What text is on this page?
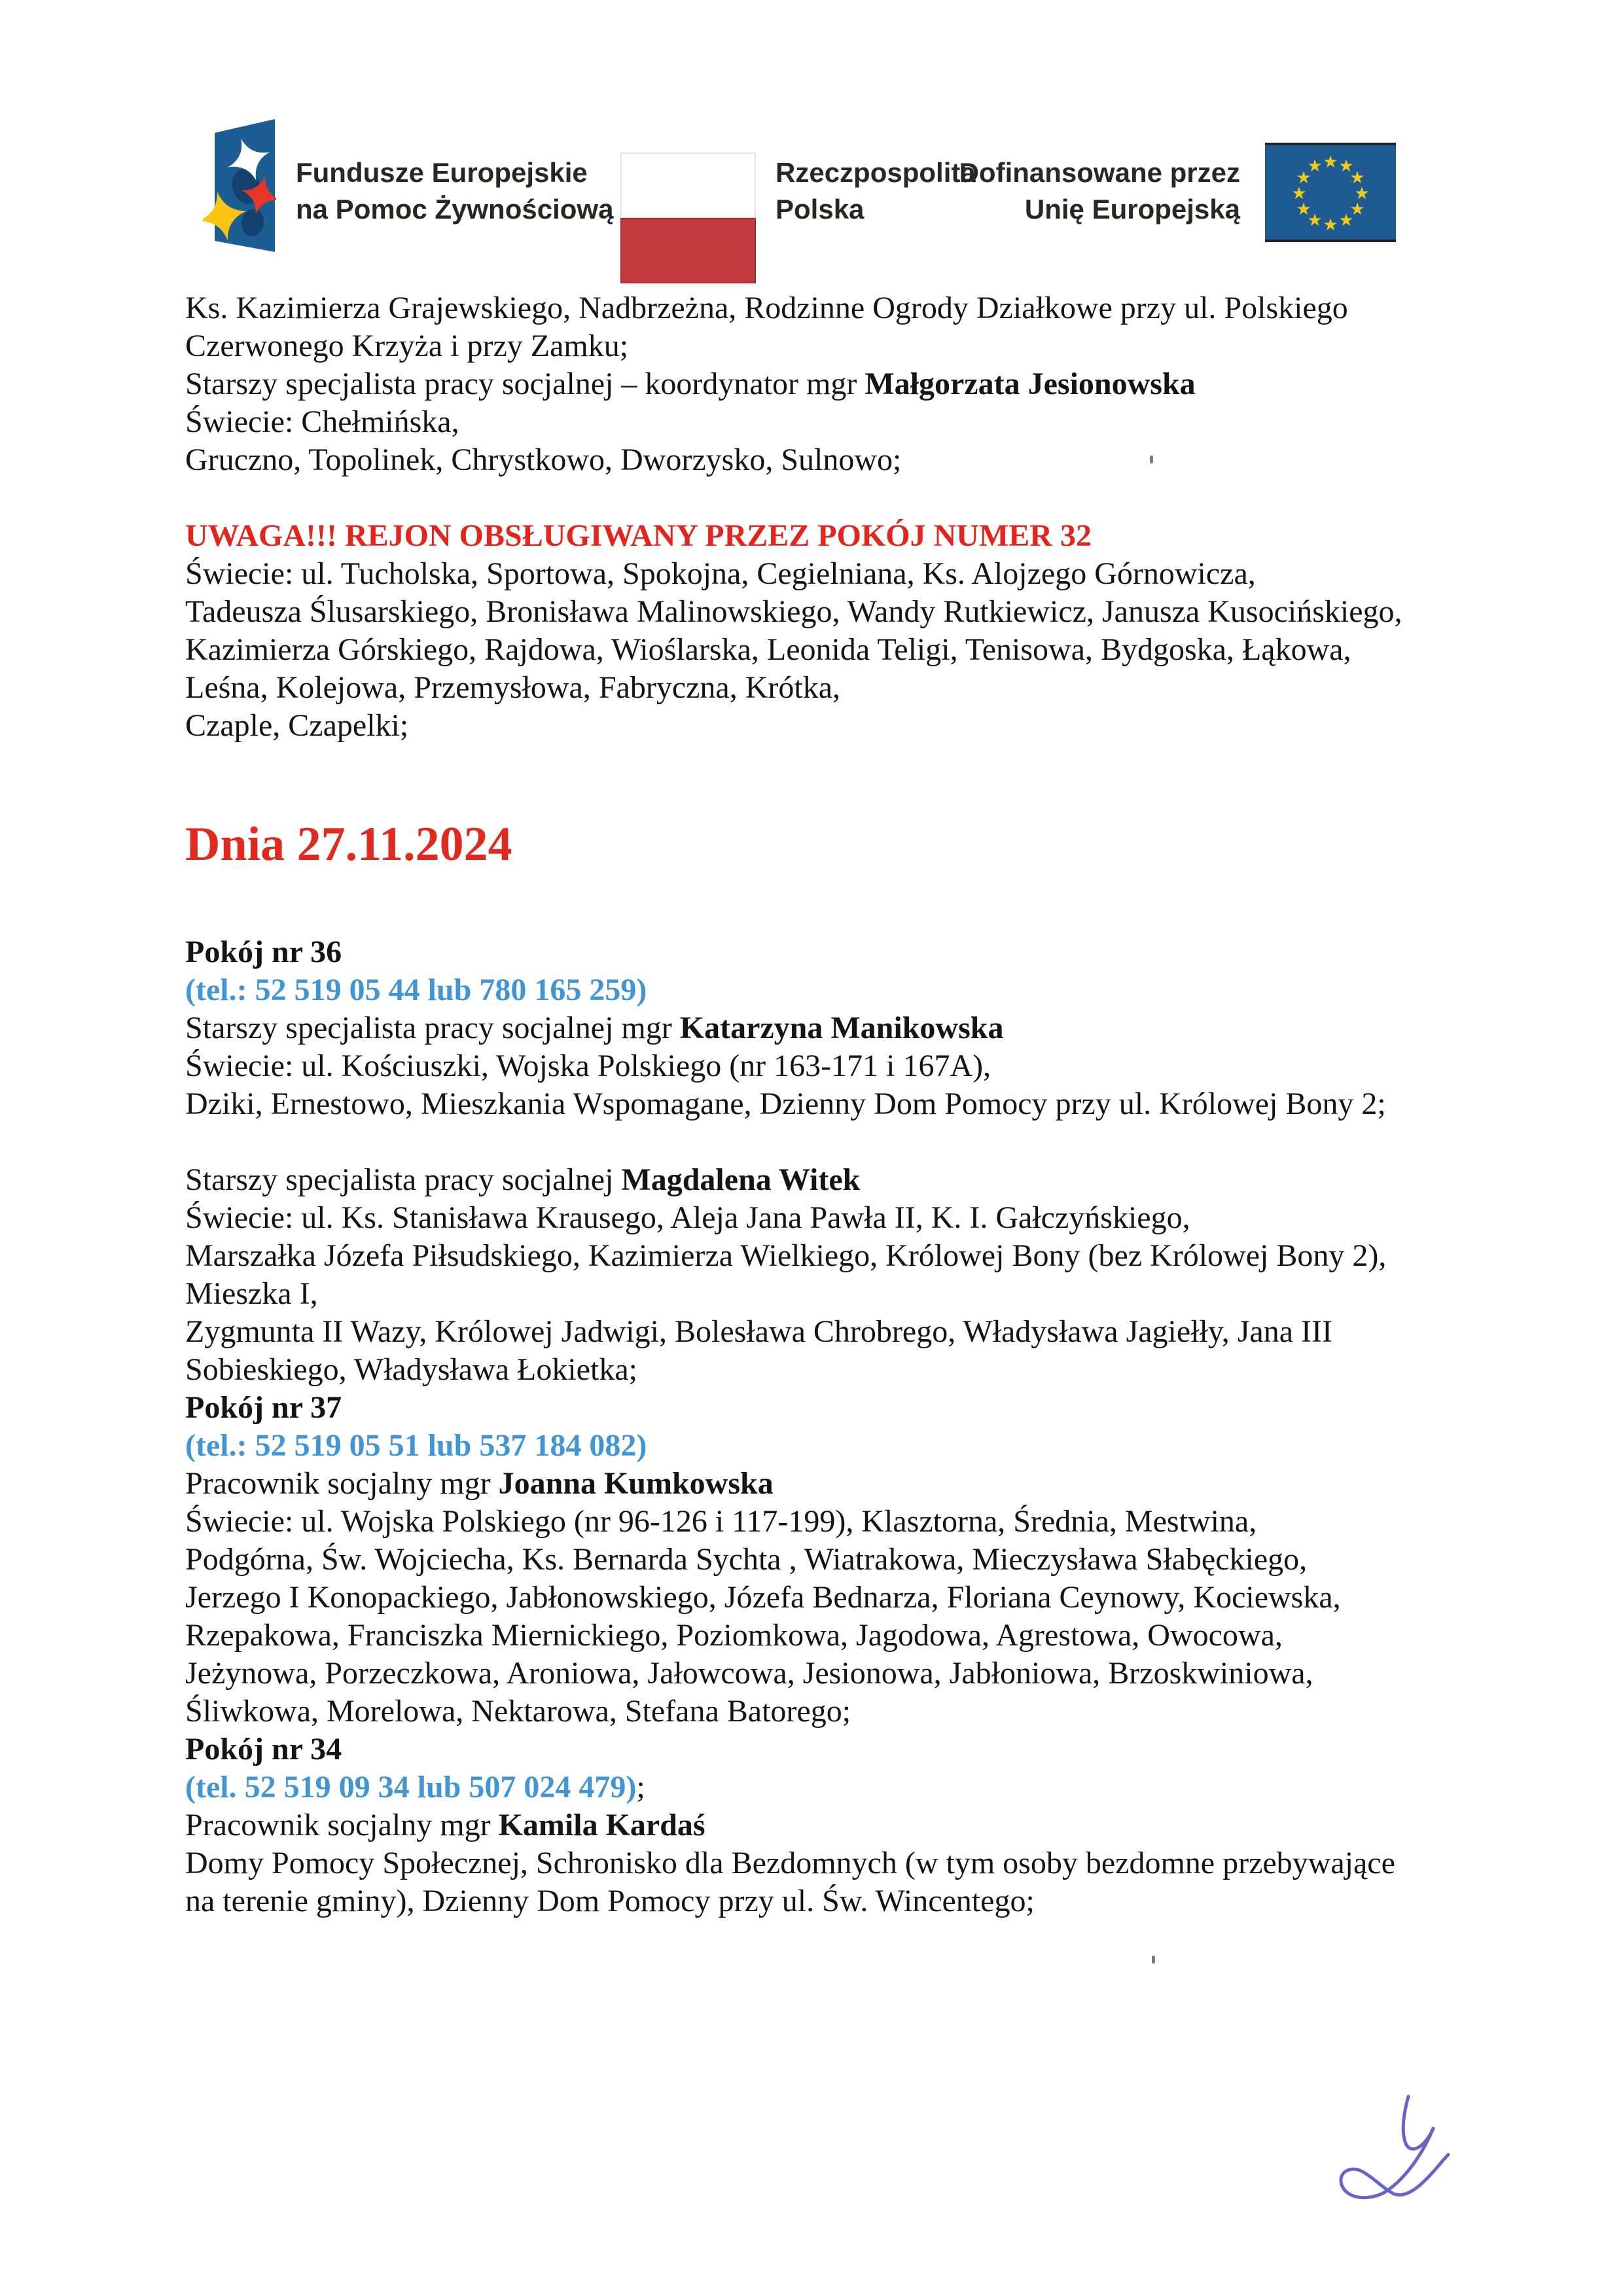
Fundusze Europejskie
na Pomoc Żywnościową
Rzeczpospolita
Polska
Dofinansowane przez
Unię Europejską
★ ★
★
★
★
★
★
★
★
★
★
★
Ks. Kazimierza Grajewskiego, Nadbrzeżna, Rodzinne Ogrody Działkowe przy ul. Polskiego
Czerwonego Krzyża i przy Zamku;
Starszy specjalista pracy socjalnej – koordynator mgr Małgorzata Jesionowska
Świecie: Chełmińska,
Gruczno, Topolinek, Chrystkowo, Dworzysko, Sulnowo;

UWAGA!!! REJON OBSŁUGIWANY PRZEZ POKÓJ NUMER 32
Świecie: ul. Tucholska, Sportowa, Spokojna, Cegielniana, Ks. Alojzego Górnowicza,
Tadeusza Ślusarskiego, Bronisława Malinowskiego, Wandy Rutkiewicz, Janusza Kusocińskiego,
Kazimierza Górskiego, Rajdowa, Wioślarska, Leonida Teligi, Tenisowa, Bydgoska, Łąkowa,
Leśna, Kolejowa, Przemysłowa, Fabryczna, Krótka,
Czaple, Czapelki;
Dnia 27.11.2024
Pokój nr 36
(tel.: 52 519 05 44 lub 780 165 259)
Starszy specjalista pracy socjalnej mgr Katarzyna Manikowska
Świecie: ul. Kościuszki, Wojska Polskiego (nr 163-171 i 167A),
Dziki, Ernestowo, Mieszkania Wspomagane, Dzienny Dom Pomocy przy ul. Królowej Bony 2;

Starszy specjalista pracy socjalnej Magdalena Witek
Świecie: ul. Ks. Stanisława Krausego, Aleja Jana Pawła II, K. I. Gałczyńskiego,
Marszałka Józefa Piłsudskiego, Kazimierza Wielkiego, Królowej Bony (bez Królowej Bony 2),
Mieszka I,
Zygmunta II Wazy, Królowej Jadwigi, Bolesława Chrobrego, Władysława Jagiełły, Jana III
Sobieskiego, Władysława Łokietka;
Pokój nr 37
(tel.: 52 519 05 51 lub 537 184 082)
Pracownik socjalny mgr Joanna Kumkowska
Świecie: ul. Wojska Polskiego (nr 96-126 i 117-199), Klasztorna, Średnia, Mestwina,
Podgórna, Św. Wojciecha, Ks. Bernarda Sychta , Wiatrakowa, Mieczysława Słabęckiego,
Jerzego I Konopackiego, Jabłonowskiego, Józefa Bednarza, Floriana Ceynowy, Kociewska,
Rzepakowa, Franciszka Miernickiego, Poziomkowa, Jagodowa, Agrestowa, Owocowa,
Jeżynowa, Porzeczkowa, Aroniowa, Jałowcowa, Jesionowa, Jabłoniowa, Brzoskwiniowa,
Śliwkowa, Morelowa, Nektarowa, Stefana Batorego;
Pokój nr 34
(tel. 52 519 09 34 lub 507 024 479);
Pracownik socjalny mgr Kamila Kardaś
Domy Pomocy Społecznej, Schronisko dla Bezdomnych (w tym osoby bezdomne przebywające
na terenie gminy), Dzienny Dom Pomocy przy ul. Św. Wincentego;
